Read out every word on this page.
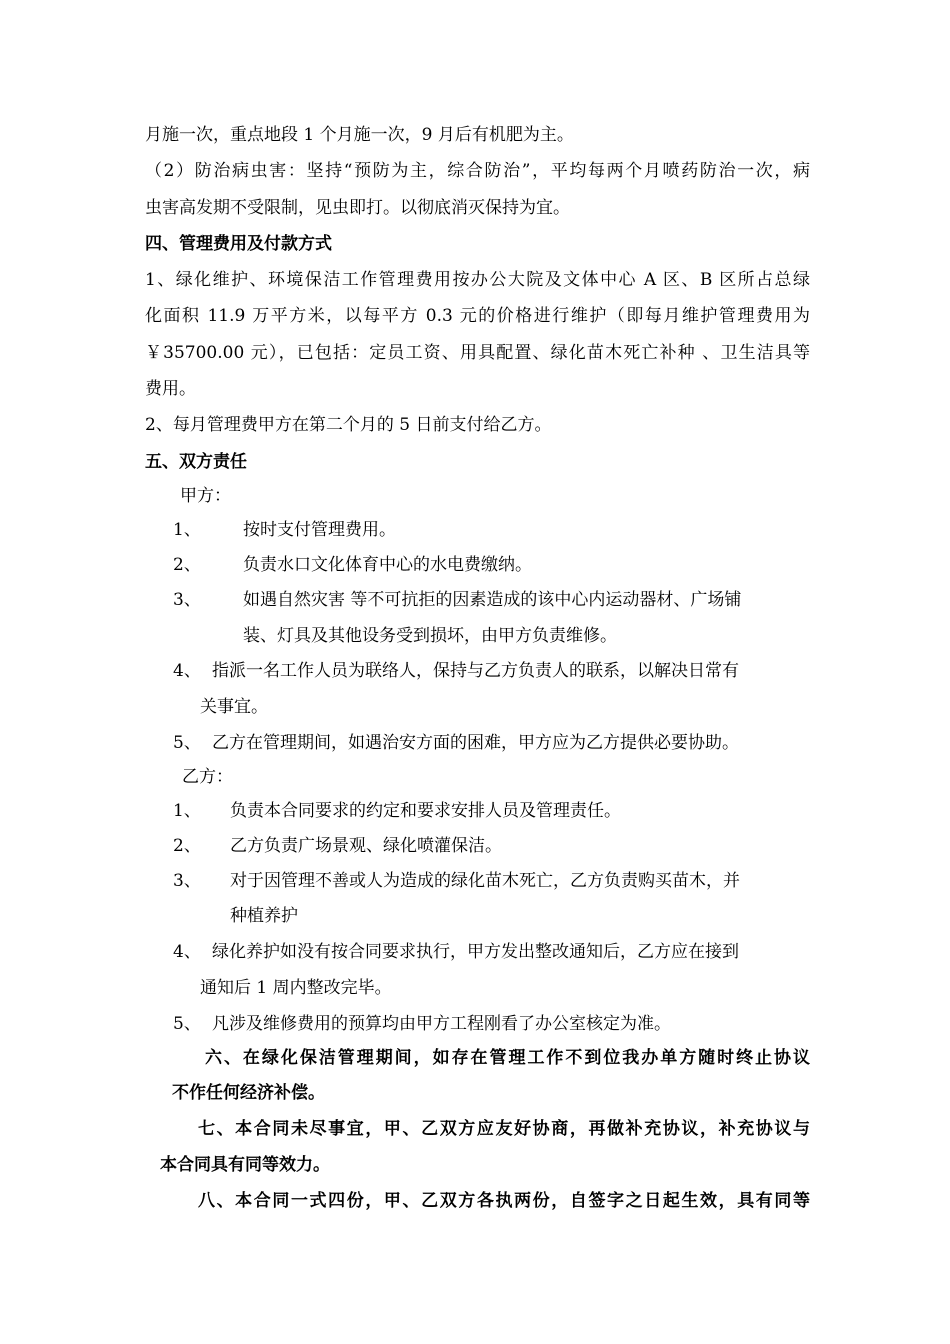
月施一次，重点地段 1 个月施一次，9 月后有机肥为主。
（2）防治病虫害：坚持“预防为主，综合防治”，平均每两个月喷药防治一次，病
虫害高发期不受限制，见虫即打。以彻底消灭保持为宜。
四、管理费用及付款方式
1、绿化维护、环境保洁工作管理费用按办公大院及文体中心 A 区、B 区所占总绿
化面积 11.9 万平方米，以每平方 0.3 元的价格进行维护（即每月维护管理费用为
￥35700.00 元），已包括：定员工资、用具配置、绿化苗木死亡补种 、卫生洁具等
费用。
2、每月管理费甲方在第二个月的 5 日前支付给乙方。
五、双方责任
甲方：
1、 按时支付管理费用。
2、 负责水口文化体育中心的水电费缴纳。
3、 如遇自然灾害 等不可抗拒的因素造成的该中心内运动器材、广场铺
装、灯具及其他设务受到损坏，由甲方负责维修。
4、 指派一名工作人员为联络人，保持与乙方负责人的联系，以解决日常有
关事宜。
5、 乙方在管理期间，如遇治安方面的困难，甲方应为乙方提供必要协助。
乙方：
1、 负责本合同要求的约定和要求安排人员及管理责任。
2、 乙方负责广场景观、绿化喷灌保洁。
3、 对于因管理不善或人为造成的绿化苗木死亡，乙方负责购买苗木，并
种植养护
4、 绿化养护如没有按合同要求执行，甲方发出整改通知后，乙方应在接到
通知后 1 周内整改完毕。
5、 凡涉及维修费用的预算均由甲方工程刚看了办公室核定为准。
六、在绿化保洁管理期间，如存在管理工作不到位我办单方随时终止协议
不作任何经济补偿。
七、本合同未尽事宜，甲、乙双方应友好协商，再做补充协议，补充协议与
本合同具有同等效力。
八、本合同一式四份，甲、乙双方各执两份，自签字之日起生效，具有同等
